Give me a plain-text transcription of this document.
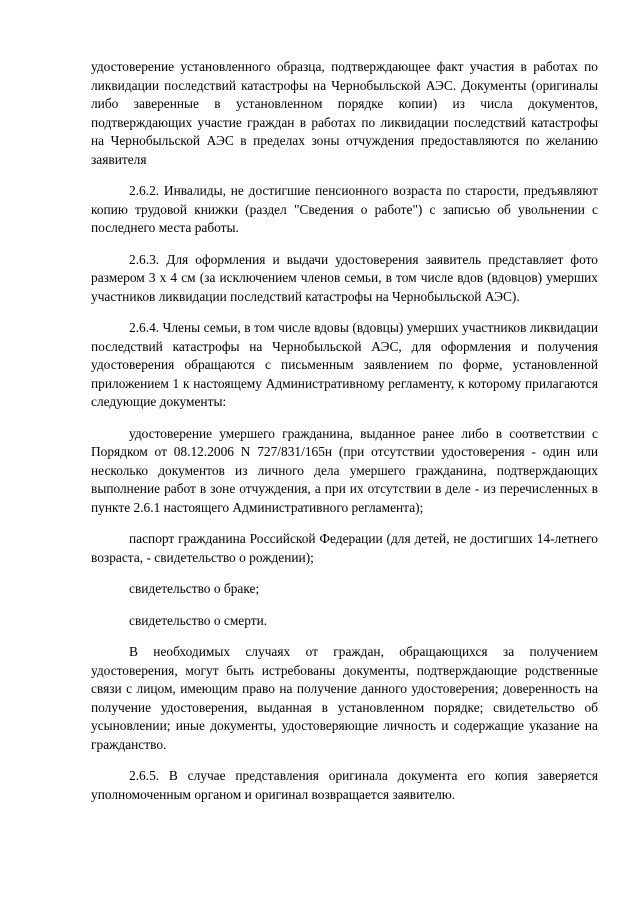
удостоверение установленного образца, подтверждающее факт участия в работах по ликвидации последствий катастрофы на Чернобыльской АЭС. Документы (оригиналы либо заверенные в установленном порядке копии) из числа документов, подтверждающих участие граждан в работах по ликвидации последствий катастрофы на Чернобыльской АЭС в пределах зоны отчуждения предоставляются по желанию заявителя

2.6.2. Инвалиды, не достигшие пенсионного возраста по старости, предъявляют копию трудовой книжки (раздел "Сведения о работе") с записью об увольнении с последнего места работы.

2.6.3. Для оформления и выдачи удостоверения заявитель представляет фото размером 3 х 4 см (за исключением членов семьи, в том числе вдов (вдовцов) умерших участников ликвидации последствий катастрофы на Чернобыльской АЭС).

2.6.4. Члены семьи, в том числе вдовы (вдовцы) умерших участников ликвидации последствий катастрофы на Чернобыльской АЭС, для оформления и получения удостоверения обращаются с письменным заявлением по форме, установленной приложением 1 к настоящему Административному регламенту, к которому прилагаются следующие документы:

удостоверение умершего гражданина, выданное ранее либо в соответствии с Порядком от 08.12.2006 N 727/831/165н (при отсутствии удостоверения - один или несколько документов из личного дела умершего гражданина, подтверждающих выполнение работ в зоне отчуждения, а при их отсутствии в деле - из перечисленных в пункте 2.6.1 настоящего Административного регламента);

паспорт гражданина Российской Федерации (для детей, не достигших 14-летнего возраста, - свидетельство о рождении);

свидетельство о браке;

свидетельство о смерти.

В необходимых случаях от граждан, обращающихся за получением удостоверения, могут быть истребованы документы, подтверждающие родственные связи с лицом, имеющим право на получение данного удостоверения; доверенность на получение удостоверения, выданная в установленном порядке; свидетельство об усыновлении; иные документы, удостоверяющие личность и содержащие указание на гражданство.

2.6.5. В случае представления оригинала документа его копия заверяется уполномоченным органом и оригинал возвращается заявителю.
